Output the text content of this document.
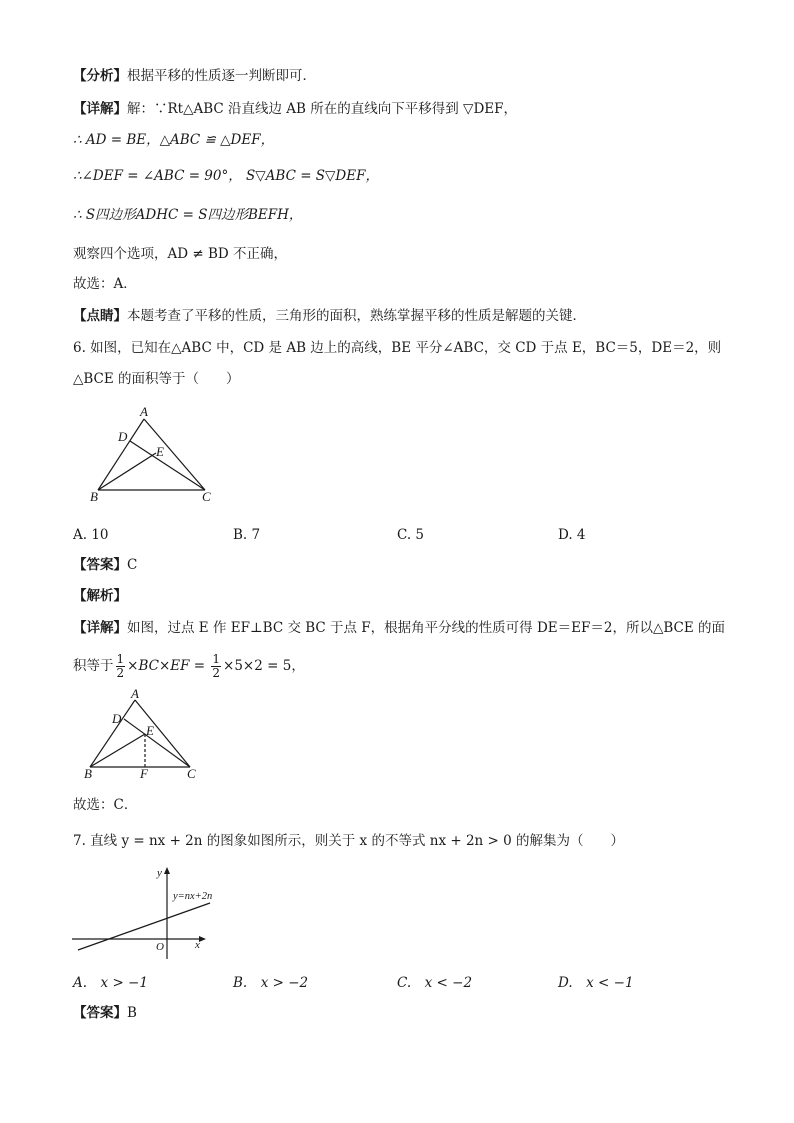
【分析】根据平移的性质逐一判断即可．
【详解】解：∵Rt△ABC 沿直线边 AB 所在的直线向下平移得到 ▽DEF，
∴ AD = BE，△ABC ≌ △DEF，
∴∠DEF = ∠ABC = 90°， S▽ABC = S▽DEF，
∴ S四边形ADHC = S四边形BEFH，
观察四个选项，AD ≠ BD 不正确，
故选：A．
【点睛】本题考查了平移的性质，三角形的面积，熟练掌握平移的性质是解题的关键．
6. 如图，已知在△ABC 中，CD 是 AB 边上的高线，BE 平分∠ABC，交 CD 于点 E，BC＝5，DE＝2，则
△BCE 的面积等于（　　）
A
D
E
B	C
A. 10	B. 7	C. 5	D. 4
【答案】C
【解析】
【详解】如图，过点 E 作 EF⊥BC 交 BC 于点 F，根据角平分线的性质可得 DE＝EF＝2，所以△BCE 的面
积等于 $\frac{1}{2} \times BC\times EF = \frac{1}{2} \times 5\times 2 = 5$，
A
D
E
B	F	C
故选：C．
7. 直线 y = nx + 2n 的图象如图所示，则关于 x 的不等式 nx + 2n > 0 的解集为（　　）
y
x
O
y=nx+2n
A.　x > −1	B.　x > −2	C.　x < −2	D.　x < −1
【答案】B
